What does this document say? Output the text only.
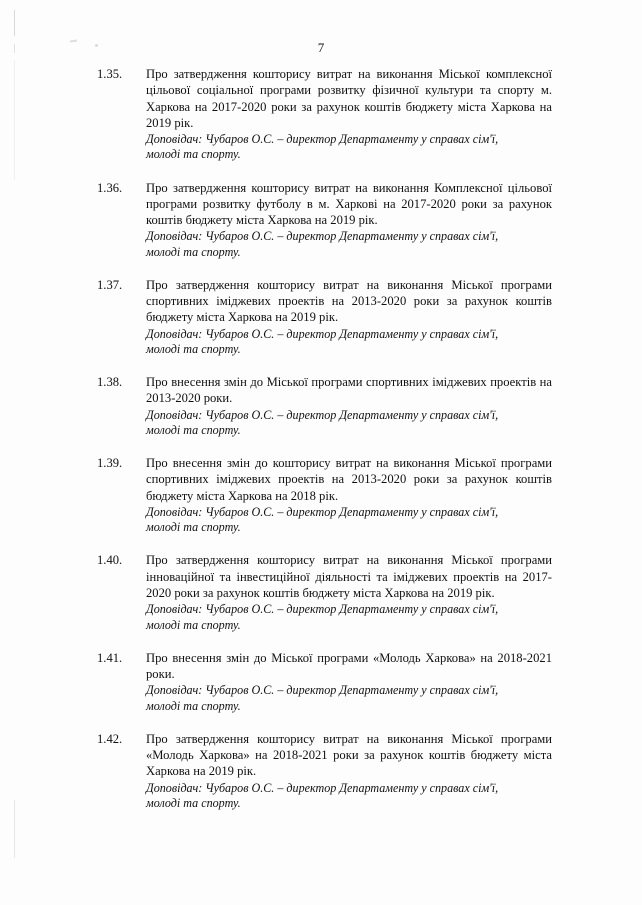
7
1.35.	Про затвердження кошторису витрат на виконання Міської комплексної цільової соціальної програми розвитку фізичної культури та спорту м. Харкова на 2017-2020 роки за рахунок коштів бюджету міста Харкова на 2019 рік.
Доповідач: Чубаров О.С. – директор Департаменту у справах сім'ї,
молоді та спорту.
1.36.	Про затвердження кошторису витрат на виконання Комплексної цільової програми розвитку футболу в м. Харкові на 2017-2020 роки за рахунок коштів бюджету міста Харкова на 2019 рік.
Доповідач: Чубаров О.С. – директор Департаменту у справах сім'ї,
молоді та спорту.
1.37.	Про затвердження кошторису витрат на виконання Міської програми спортивних іміджевих проектів на 2013-2020 роки за рахунок коштів бюджету міста Харкова на 2019 рік.
Доповідач: Чубаров О.С. – директор Департаменту у справах сім'ї,
молоді та спорту.
1.38.	Про внесення змін до Міської програми спортивних іміджевих проектів на 2013-2020 роки.
Доповідач: Чубаров О.С. – директор Департаменту у справах сім'ї,
молоді та спорту.
1.39.	Про внесення змін до кошторису витрат на виконання Міської програми спортивних іміджевих проектів на 2013-2020 роки за рахунок коштів бюджету міста Харкова на 2018 рік.
Доповідач: Чубаров О.С. – директор Департаменту у справах сім'ї,
молоді та спорту.
1.40.	Про затвердження кошторису витрат на виконання Міської програми інноваційної та інвестиційної діяльності та іміджевих проектів на 2017-2020 роки за рахунок коштів бюджету міста Харкова на 2019 рік.
Доповідач: Чубаров О.С. – директор Департаменту у справах сім'ї,
молоді та спорту.
1.41.	Про внесення змін до Міської програми «Молодь Харкова» на 2018-2021 роки.
Доповідач: Чубаров О.С. – директор Департаменту у справах сім'ї,
молоді та спорту.
1.42.	Про затвердження кошторису витрат на виконання Міської програми «Молодь Харкова» на 2018-2021 роки за рахунок коштів бюджету міста Харкова на 2019 рік.
Доповідач: Чубаров О.С. – директор Департаменту у справах сім'ї,
молоді та спорту.
